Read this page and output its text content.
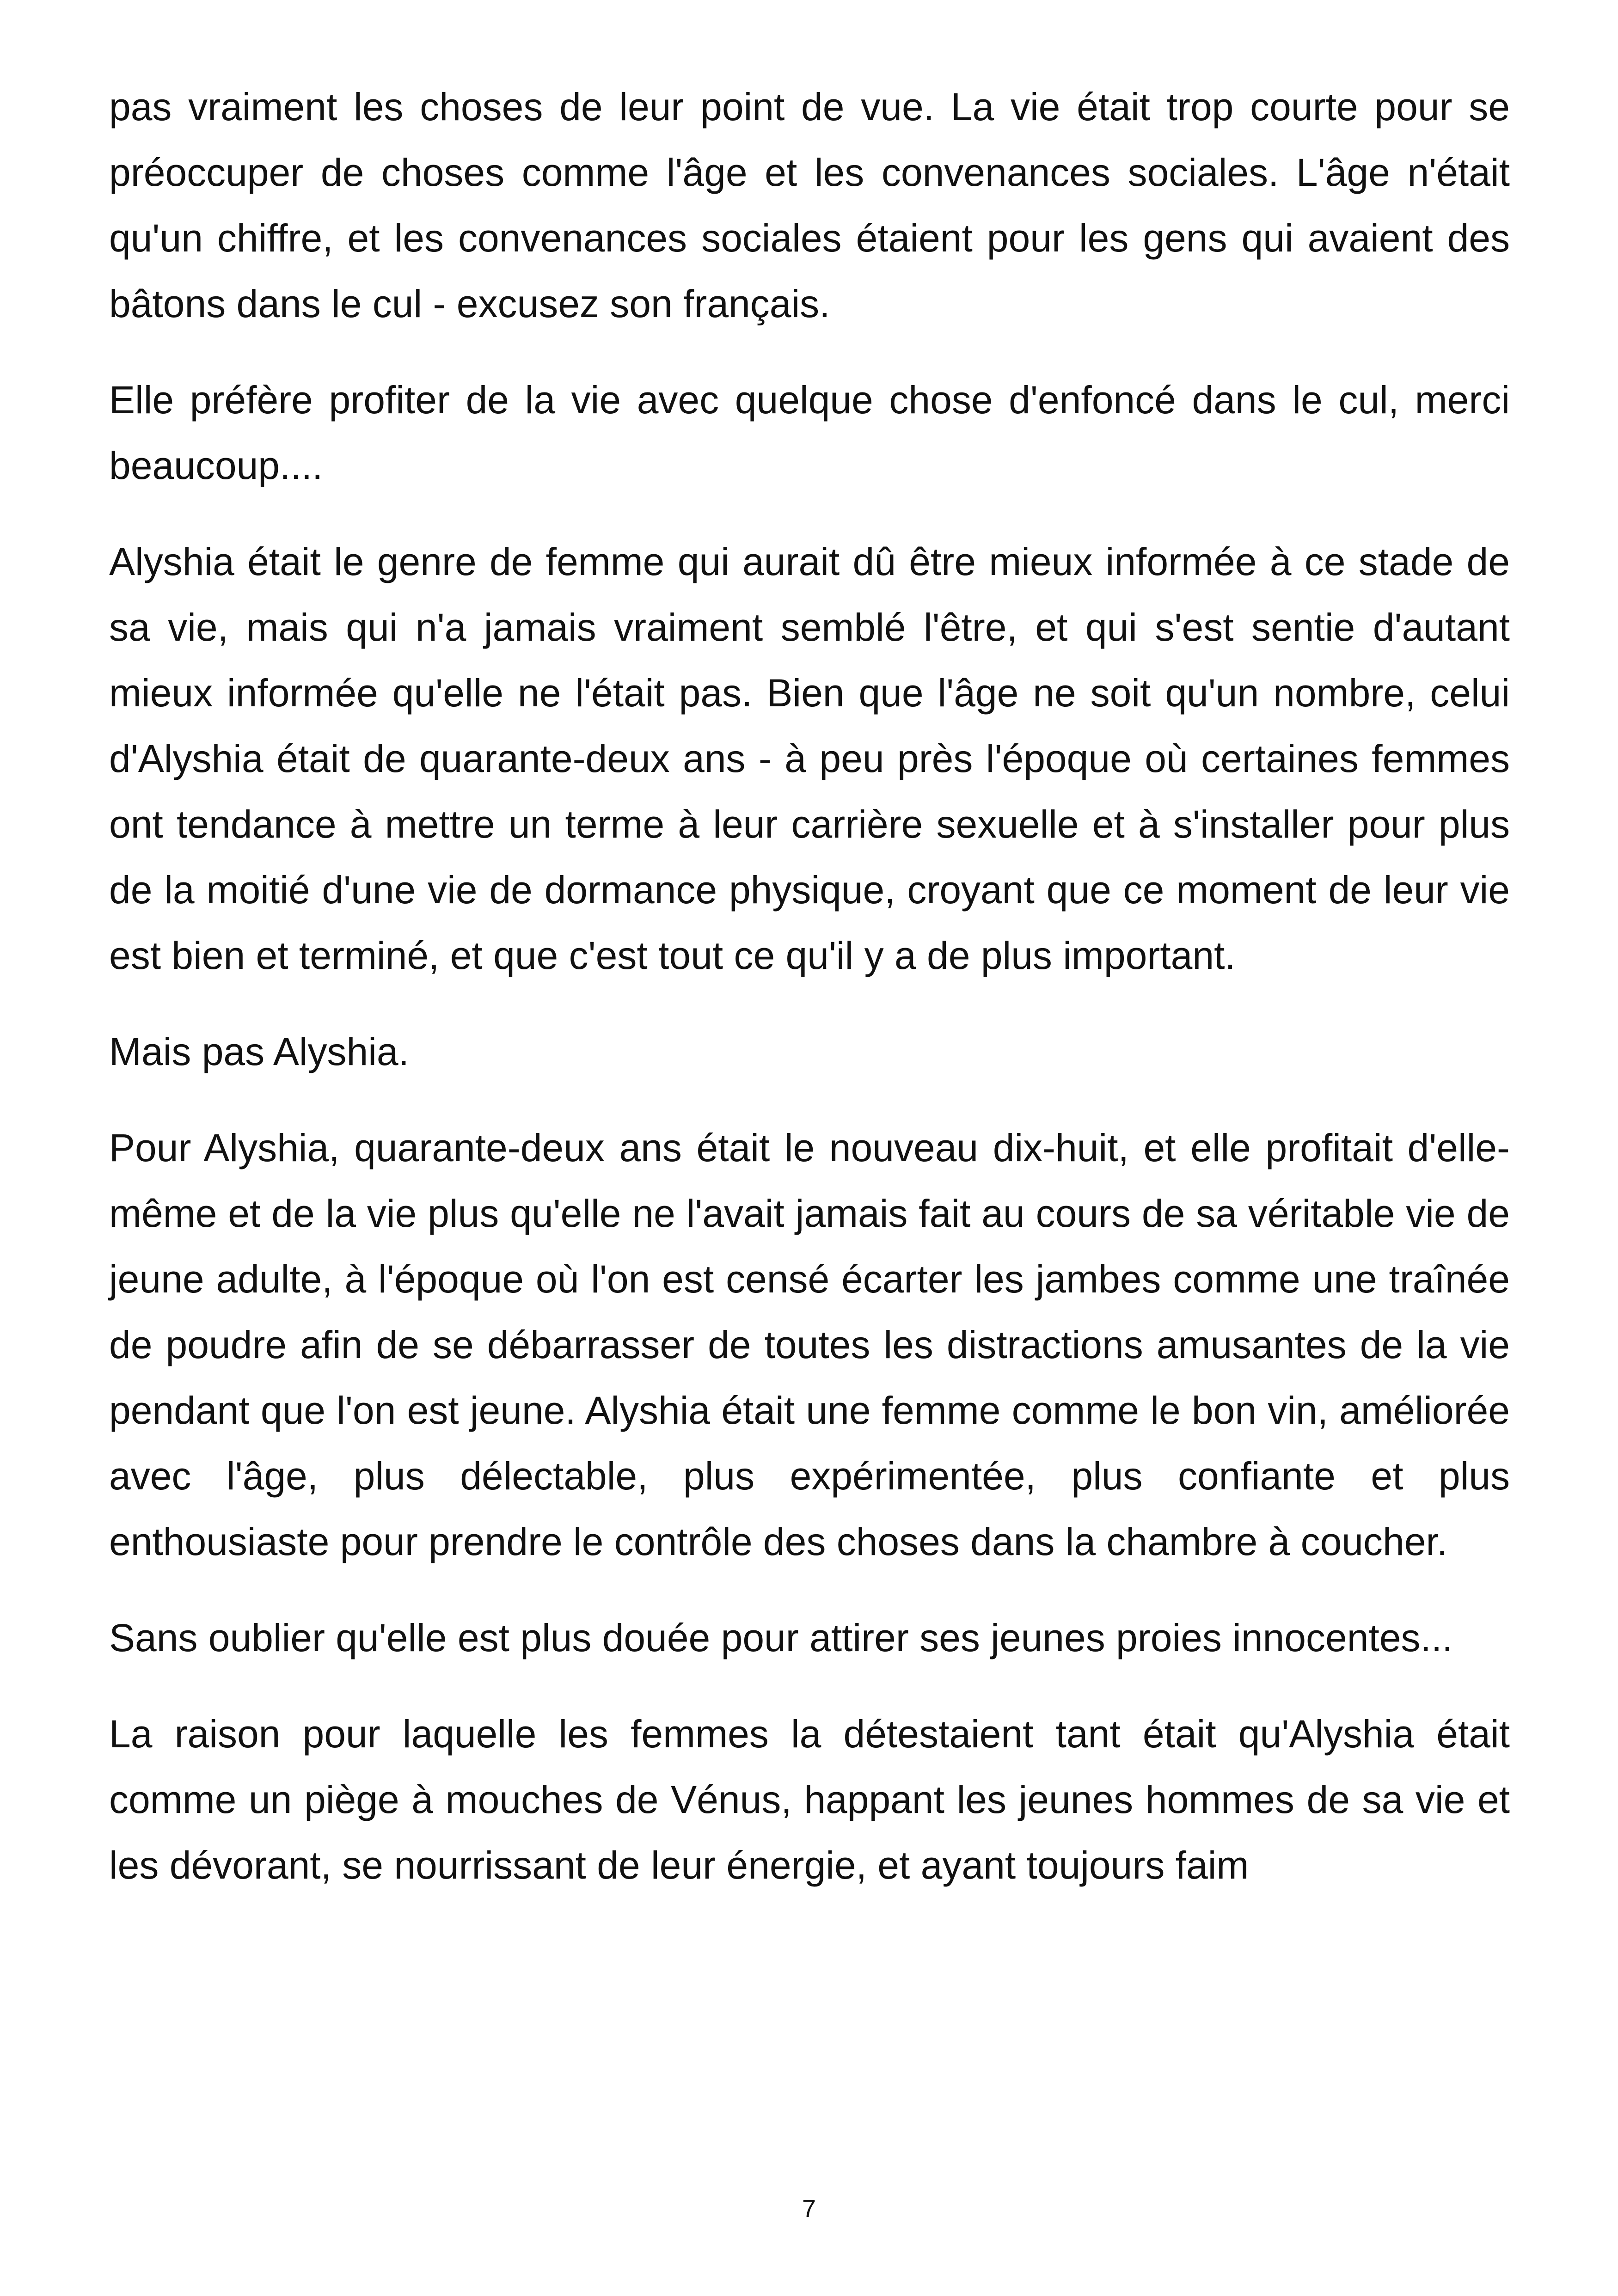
pas vraiment les choses de leur point de vue. La vie était trop courte pour se préoccuper de choses comme l'âge et les convenances sociales. L'âge n'était qu'un chiffre, et les convenances sociales étaient pour les gens qui avaient des bâtons dans le cul - excusez son français.

Elle préfère profiter de la vie avec quelque chose d'enfoncé dans le cul, merci beaucoup....

Alyshia était le genre de femme qui aurait dû être mieux informée à ce stade de sa vie, mais qui n'a jamais vraiment semblé l'être, et qui s'est sentie d'autant mieux informée qu'elle ne l'était pas. Bien que l'âge ne soit qu'un nombre, celui d'Alyshia était de quarante-deux ans - à peu près l'époque où certaines femmes ont tendance à mettre un terme à leur carrière sexuelle et à s'installer pour plus de la moitié d'une vie de dormance physique, croyant que ce moment de leur vie est bien et terminé, et que c'est tout ce qu'il y a de plus important.

Mais pas Alyshia.

Pour Alyshia, quarante-deux ans était le nouveau dix-huit, et elle profitait d'elle-même et de la vie plus qu'elle ne l'avait jamais fait au cours de sa véritable vie de jeune adulte, à l'époque où l'on est censé écarter les jambes comme une traînée de poudre afin de se débarrasser de toutes les distractions amusantes de la vie pendant que l'on est jeune. Alyshia était une femme comme le bon vin, améliorée avec l'âge, plus délectable, plus expérimentée, plus confiante et plus enthousiaste pour prendre le contrôle des choses dans la chambre à coucher.

Sans oublier qu'elle est plus douée pour attirer ses jeunes proies innocentes...

La raison pour laquelle les femmes la détestaient tant était qu'Alyshia était comme un piège à mouches de Vénus, happant les jeunes hommes de sa vie et les dévorant, se nourrissant de leur énergie, et ayant toujours faim

7
